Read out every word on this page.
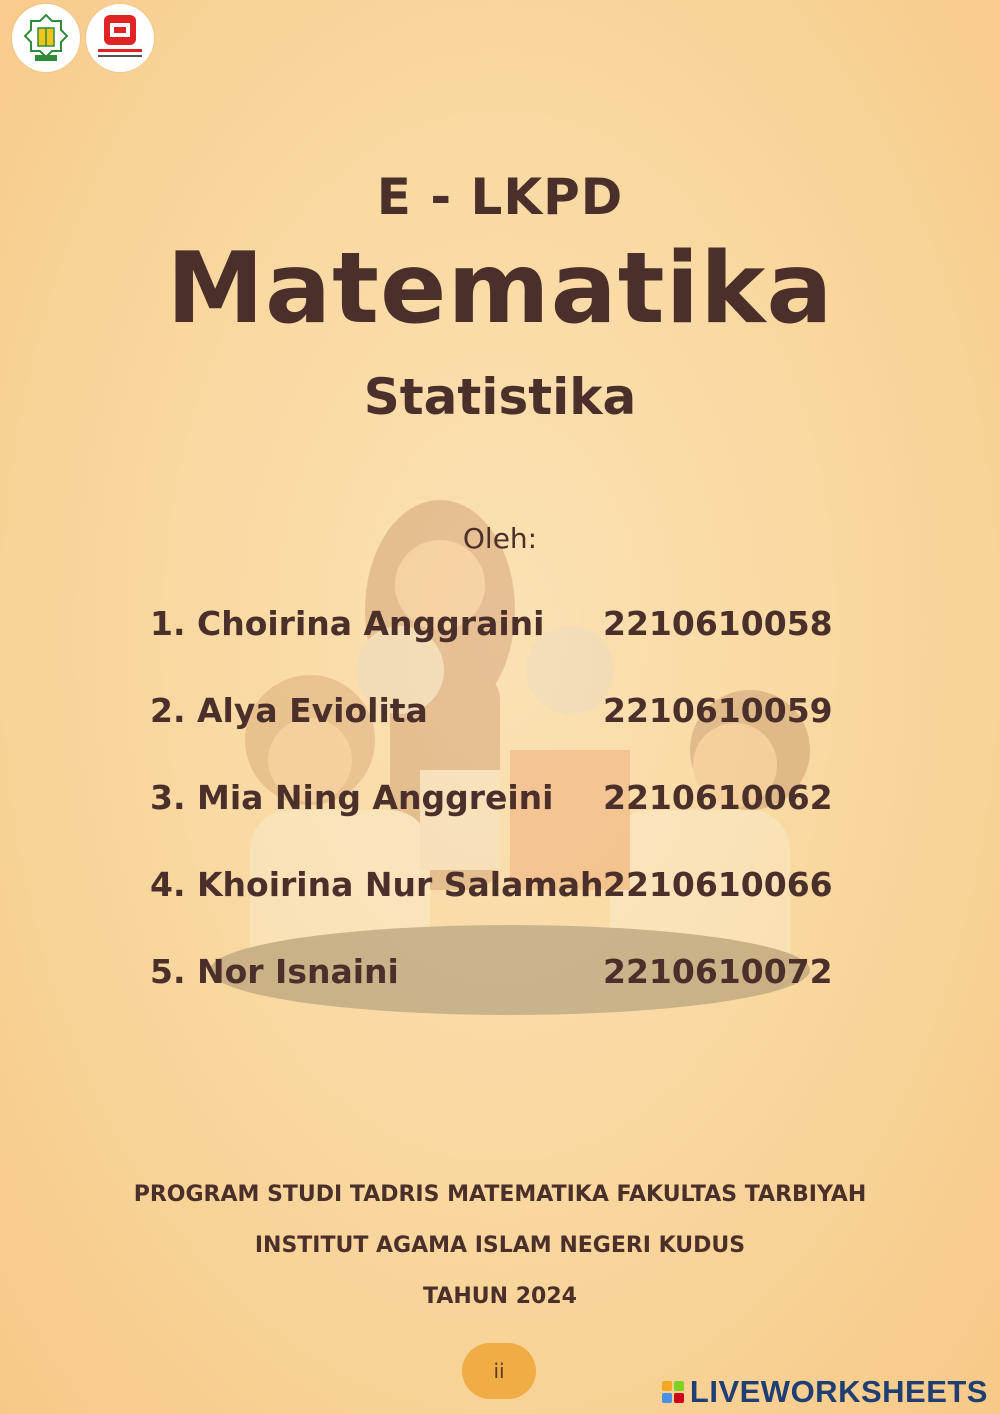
E - LKPD
Matematika
Statistika
Oleh:
1. Choirina Anggraini 2210610058
2. Alya Eviolita	2210610059
3. Mia Ning Anggreini 2210610062
4. Khoirina Nur Salamah 2210610066
5. Nor Isnaini	2210610072
PROGRAM STUDI TADRIS MATEMATIKA FAKULTAS TARBIYAH
INSTITUT AGAMA ISLAM NEGERI KUDUS
TAHUN 2024
ii
LIVEWORKSHEETS
